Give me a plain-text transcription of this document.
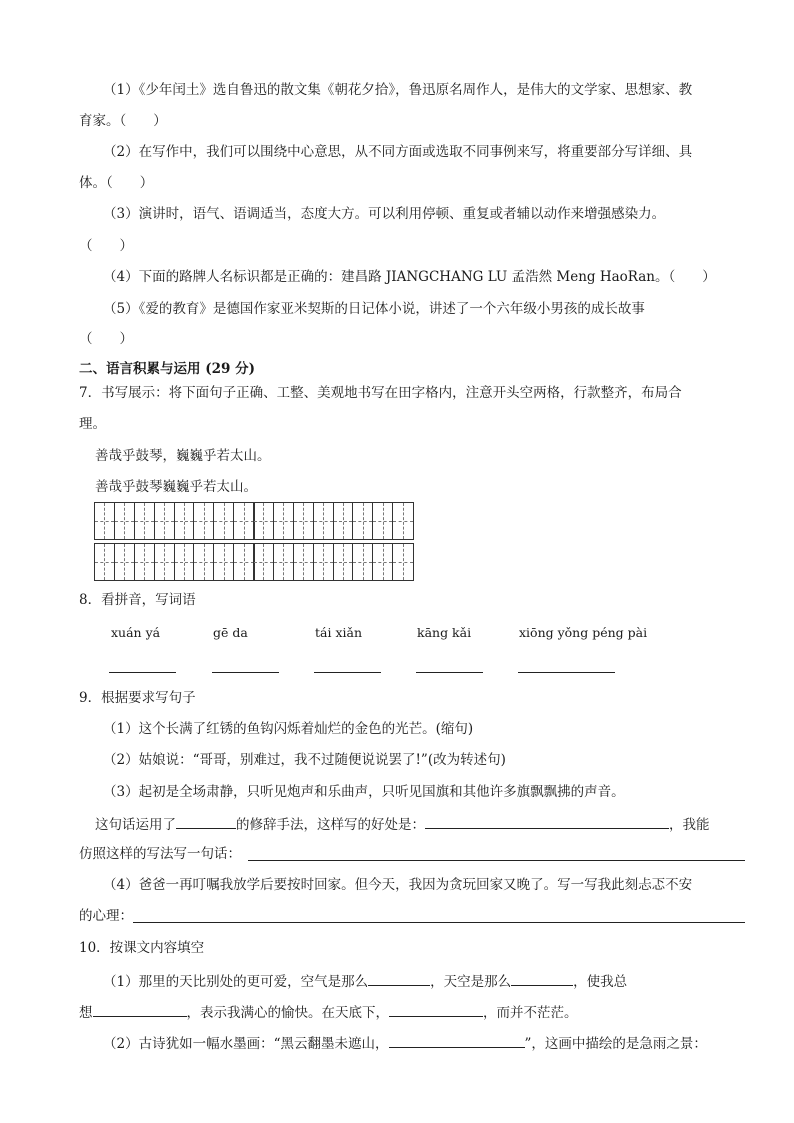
（1）《少年闰土》选自鲁迅的散文集《朝花夕拾》，鲁迅原名周作人，是伟大的文学家、思想家、教
育家。（　　）
（2）在写作中，我们可以围绕中心意思，从不同方面或选取不同事例来写，将重要部分写详细、具
体。（　　）
（3）演讲时，语气、语调适当，态度大方。可以利用停顿、重复或者辅以动作来增强感染力。
（　　）
（4）下面的路牌人名标识都是正确的：建昌路 JIANGCHANG LU 孟浩然 Meng HaoRan。（　　）
（5）《爱的教育》是德国作家亚米契斯的日记体小说，讲述了一个六年级小男孩的成长故事
（　　）
二、语言积累与运用 (29 分)
7．书写展示：将下面句子正确、工整、美观地书写在田字格内，注意开头空两格，行款整齐，布局合
理。
善哉乎鼓琴，巍巍乎若太山。
善哉乎鼓琴巍巍乎若太山。
8．看拼音，写词语
xuán yá	gē da	tái xiǎn	kāng kǎi	xiōng yǒng péng pài
9．根据要求写句子
（1）这个长满了红锈的鱼钩闪烁着灿烂的金色的光芒。(缩句)
（2）姑娘说：“哥哥，别难过，我不过随便说说罢了!”(改为转述句)
（3）起初是全场肃静，只听见炮声和乐曲声，只听见国旗和其他许多旗飘飘拂的声音。
这句话运用了	的修辞手法，这样写的好处是：	，我能
仿照这样的写法写一句话：
（4）爸爸一再叮嘱我放学后要按时回家。但今天，我因为贪玩回家又晚了。写一写我此刻忐忑不安
的心理：
10．按课文内容填空
（1）那里的天比别处的更可爱，空气是那么	，天空是那么	，使我总
想	，表示我满心的愉快。在天底下，	，而并不茫茫。
（2）古诗犹如一幅水墨画：“黑云翻墨未遮山，	”，这画中描绘的是急雨之景：
